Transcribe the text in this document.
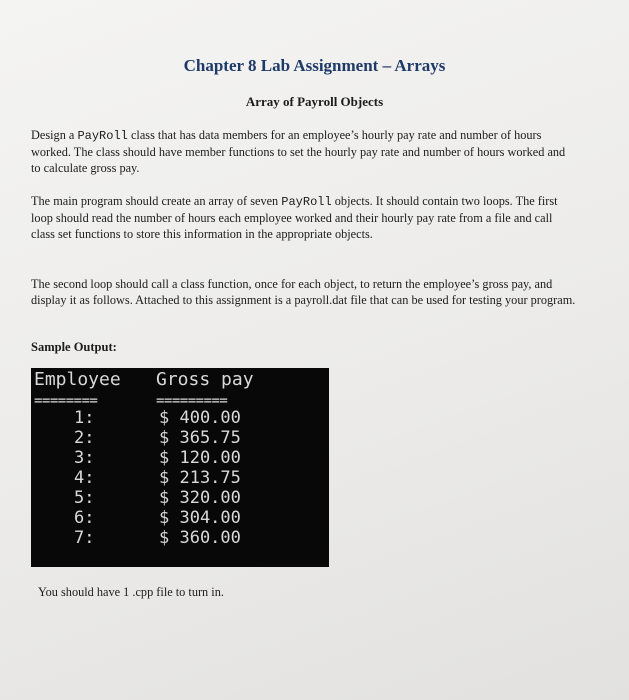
Chapter 8 Lab Assignment – Arrays
Array of Payroll Objects
Design a PayRoll class that has data members for an employee’s hourly pay rate and number of hours worked. The class should have member functions to set the hourly pay rate and number of hours worked and to calculate gross pay.
The main program should create an array of seven PayRoll objects. It should contain two loops. The first loop should read the number of hours each employee worked and their hourly pay rate from a file and call class set functions to store this information in the appropriate objects.
The second loop should call a class function, once for each object, to return the employee’s gross pay, and display it as follows. Attached to this assignment is a payroll.dat file that can be used for testing your program.
Sample Output:
Employee Gross pay
========	=========
1:	$ 400.00
2:	$ 365.75
3:	$ 120.00
4:	$ 213.75
5:	$ 320.00
6:	$ 304.00
7:	$ 360.00
You should have 1 .cpp file to turn in.
